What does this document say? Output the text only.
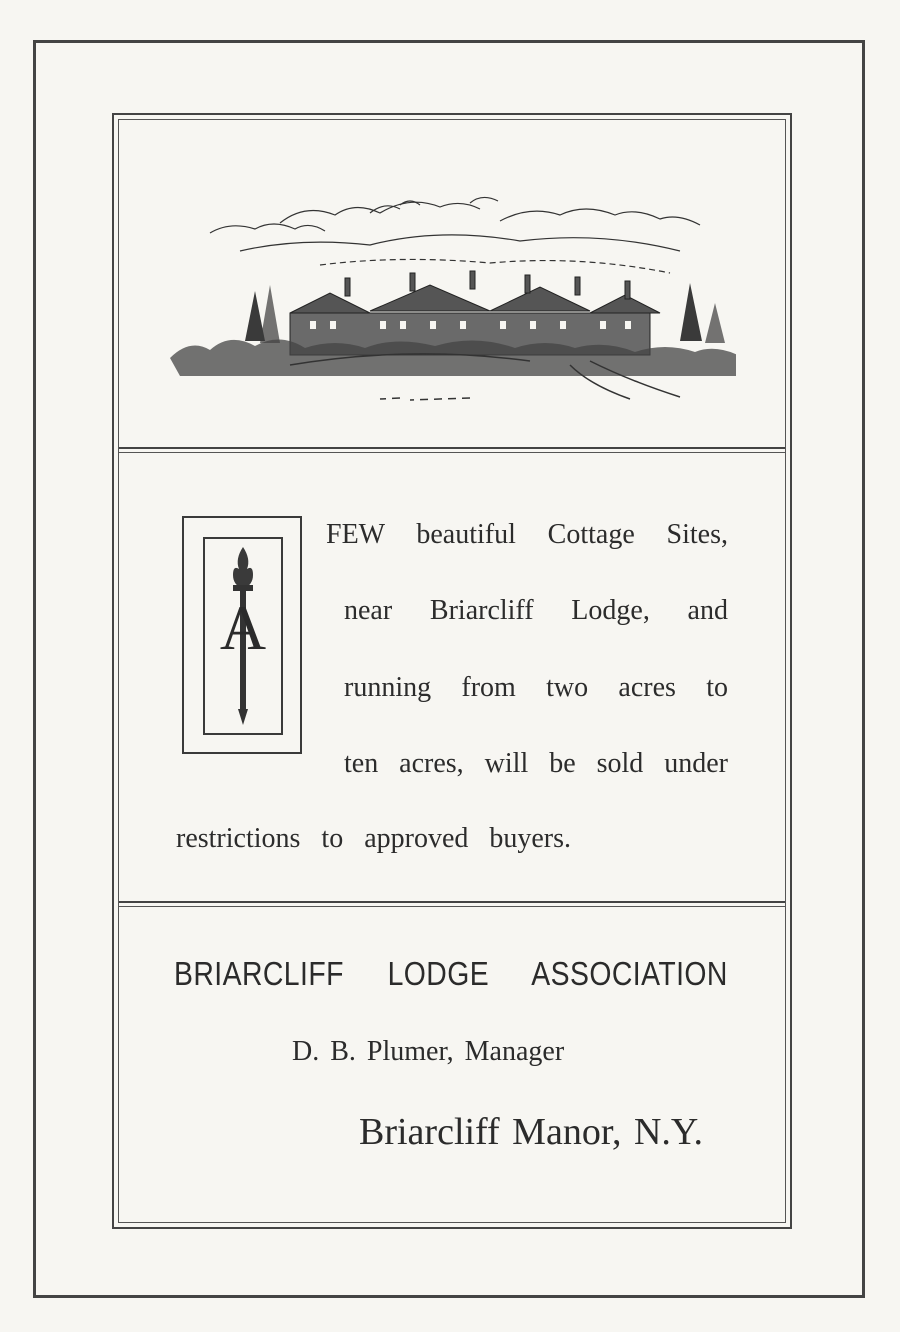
A
FEW beautiful Cottage Sites,
near Briarcliff Lodge, and
running from two acres to
ten acres, will be sold under
restrictions to approved buyers.
BRIARCLIFF LODGE ASSOCIATION
D. B. Plumer, Manager
Briarcliff Manor, N.Y.
